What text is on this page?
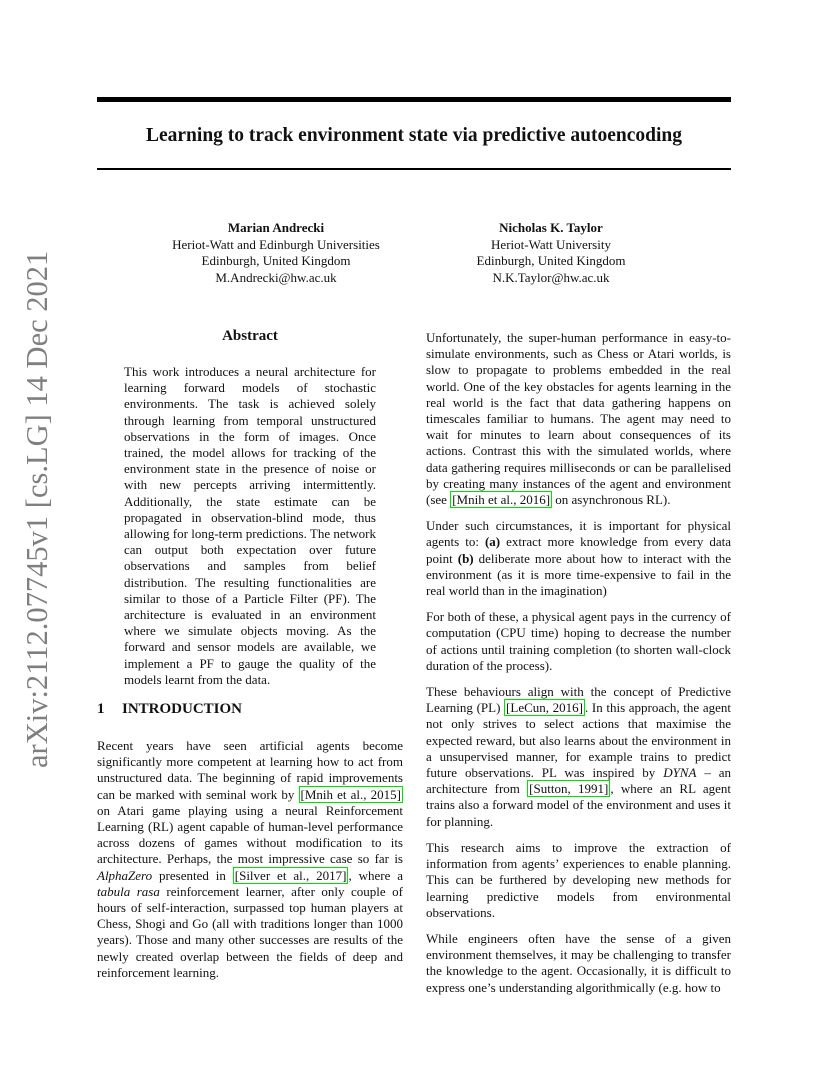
Learning to track environment state via predictive autoencoding
Marian Andrecki
Heriot-Watt and Edinburgh Universities
Edinburgh, United Kingdom
M.Andrecki@hw.ac.uk
Nicholas K. Taylor
Heriot-Watt University
Edinburgh, United Kingdom
N.K.Taylor@hw.ac.uk
arXiv:2112.07745v1 [cs.LG] 14 Dec 2021	Abstract

This work introduces a neural architecture for learning forward models of stochastic environments. The task is achieved solely through learning from temporal unstructured observations in the form of images. Once trained, the model allows for tracking of the environment state in the presence of noise or with new percepts arriving intermittently. Additionally, the state estimate can be propagated in observation-blind mode, thus allowing for long-term predictions. The network can output both expectation over future observations and samples from belief distribution. The resulting functionalities are similar to those of a Particle Filter (PF). The architecture is evaluated in an environment where we simulate objects moving. As the forward and sensor models are available, we implement a PF to gauge the quality of the models learnt from the data.

1 INTRODUCTION

Recent years have seen artificial agents become significantly more competent at learning how to act from unstructured data. The beginning of rapid improvements can be marked with seminal work by [Mnih et al., 2015] on Atari game playing using a neural Reinforcement Learning (RL) agent capable of human-level performance across dozens of games without modification to its architecture. Perhaps, the most impressive case so far is AlphaZero presented in [Silver et al., 2017] , where a tabula rasa reinforcement learner, after only couple of hours of self-interaction, surpassed top human players at Chess, Shogi and Go (all with traditions longer than 1000 years). Those and many other successes are results of the newly created overlap between the fields of deep and reinforcement learning.

Unfortunately, the super-human performance in easy-to-simulate environments, such as Chess or Atari worlds, is slow to propagate to problems embedded in the real world. One of the key obstacles for agents learning in the real world is the fact that data gathering happens on timescales familiar to humans. The agent may need to wait for minutes to learn about consequences of its actions. Contrast this with the simulated worlds, where data gathering requires milliseconds or can be parallelised by creating many instances of the agent and environment (see [Mnih et al., 2016] on asynchronous RL).

Under such circumstances, it is important for physical agents to: (a) extract more knowledge from every data point (b) deliberate more about how to interact with the environment (as it is more time-expensive to fail in the real world than in the imagination)

For both of these, a physical agent pays in the currency of computation (CPU time) hoping to decrease the number of actions until training completion (to shorten wall-clock duration of the process).

These behaviours align with the concept of Predictive Learning (PL) [LeCun, 2016] . In this approach, the agent not only strives to select actions that maximise the expected reward, but also learns about the environment in a unsupervised manner, for example trains to predict future observations. PL was inspired by DYNA – an architecture from [Sutton, 1991] , where an RL agent trains also a forward model of the environment and uses it for planning.

This research aims to improve the extraction of information from agents’ experiences to enable planning. This can be furthered by developing new methods for learning predictive models from environmental observations.

While engineers often have the sense of a given environment themselves, it may be challenging to transfer the knowledge to the agent. Occasionally, it is difficult to express one’s understanding algorithmically (e.g. how to
